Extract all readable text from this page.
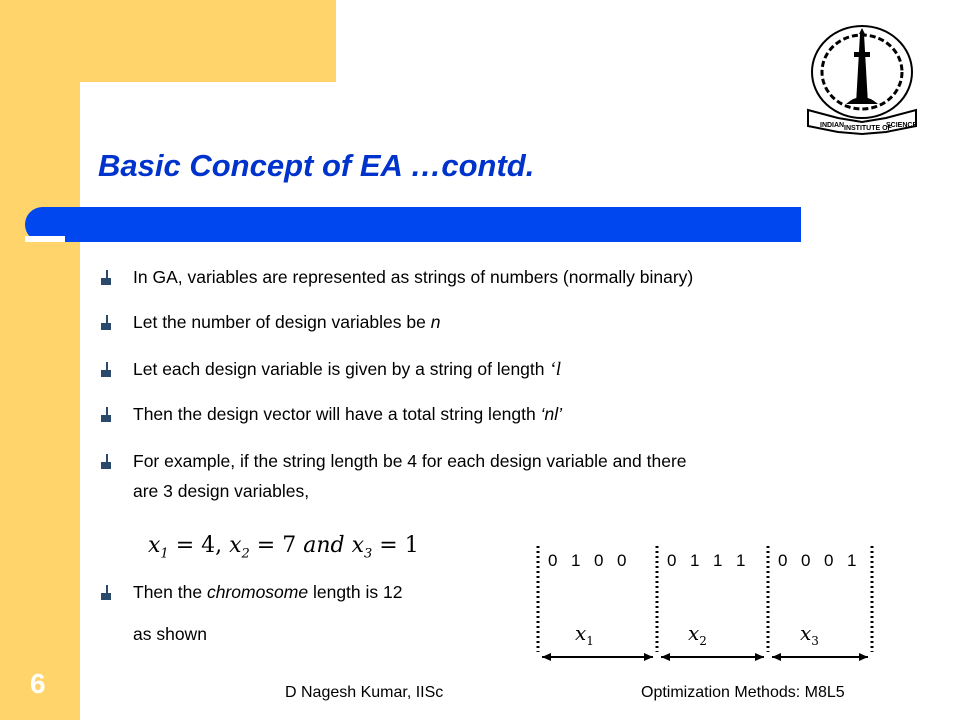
INDIAN INSTITUTE OF
SCIENCE
Basic Concept of EA …contd.
In GA, variables are represented as strings of numbers (normally binary)
Let the number of design variables be n
Let each design variable is given by a string of length ‘l
Then the design vector will have a total string length ‘nl’
For example, if the string length be 4 for each design variable and there
are 3 design variables,
Then the chromosome length is 12
as shown
$x_1 = 4$, $x_2 = 7$ and $x_3 = 1$
0 1 0 0 0 1 1 1 0 0 0 1
$x_1$	$x_2$	$x_3$
6	D Nagesh Kumar, IISc	Optimization Methods: M8L5
